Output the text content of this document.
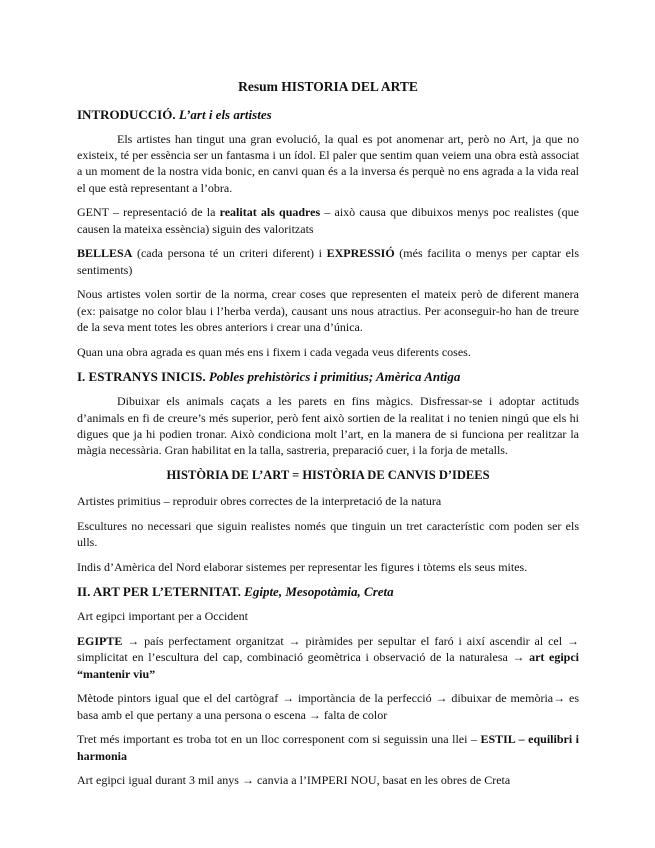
Resum HISTORIA DEL ARTE
INTRODUCCIÓ. L’art i els artistes

Els artistes han tingut una gran evolució, la qual es pot anomenar art, però no Art, ja que no existeix, té per essència ser un fantasma i un ídol. El paler que sentim quan veiem una obra està associat a un moment de la nostra vida bonic, en canvi quan és a la inversa és perquè no ens agrada a la vida real el que està representant a l’obra.

GENT – representació de la realitat als quadres – això causa que dibuixos menys poc realistes (que causen la mateixa essència) siguin des valoritzats

BELLESA (cada persona té un criteri diferent) i EXPRESSIÓ (més facilita o menys per captar els sentiments)

Nous artistes volen sortir de la norma, crear coses que representen el mateix però de diferent manera (ex: paisatge no color blau i l’herba verda), causant uns nous atractius. Per aconseguir-ho han de treure de la seva ment totes les obres anteriors i crear una d’única.

Quan una obra agrada es quan més ens i fixem i cada vegada veus diferents coses.

I. ESTRANYS INICIS. Pobles prehistòrics i primitius; Amèrica Antiga

Dibuixar els animals caçats a les parets en fins màgics. Disfressar-se i adoptar actituds d’animals en fi de creure’s més superior, però fent això sortien de la realitat i no tenien ningú que els hi digues que ja hi podien tronar. Això condiciona molt l’art, en la manera de si funciona per realitzar la màgia necessària. Gran habilitat en la talla, sastreria, preparació cuer, i la forja de metalls.

HISTÒRIA DE L’ART = HISTÒRIA DE CANVIS D’IDEES

Artistes primitius – reproduir obres correctes de la interpretació de la natura

Escultures no necessari que siguin realistes només que tinguin un tret característic com poden ser els ulls.

Indis d’Amèrica del Nord elaborar sistemes per representar les figures i tòtems els seus mites.

II. ART PER L’ETERNITAT. Egipte, Mesopotàmia, Creta

Art egipci important per a Occident

EGIPTE → país perfectament organitzat → piràmides per sepultar el faró i així ascendir al cel → simplicitat en l’escultura del cap, combinació geomètrica i observació de la naturalesa → art egipci “mantenir viu”

Mètode pintors igual que el del cartògraf → importància de la perfecció → dibuixar de memòria→ es basa amb el que pertany a una persona o escena → falta de color

Tret més important es troba tot en un lloc corresponent com si seguissin una llei – ESTIL – equilibri i harmonia

Art egipci igual durant 3 mil anys → canvia a l’IMPERI NOU, basat en les obres de Creta
